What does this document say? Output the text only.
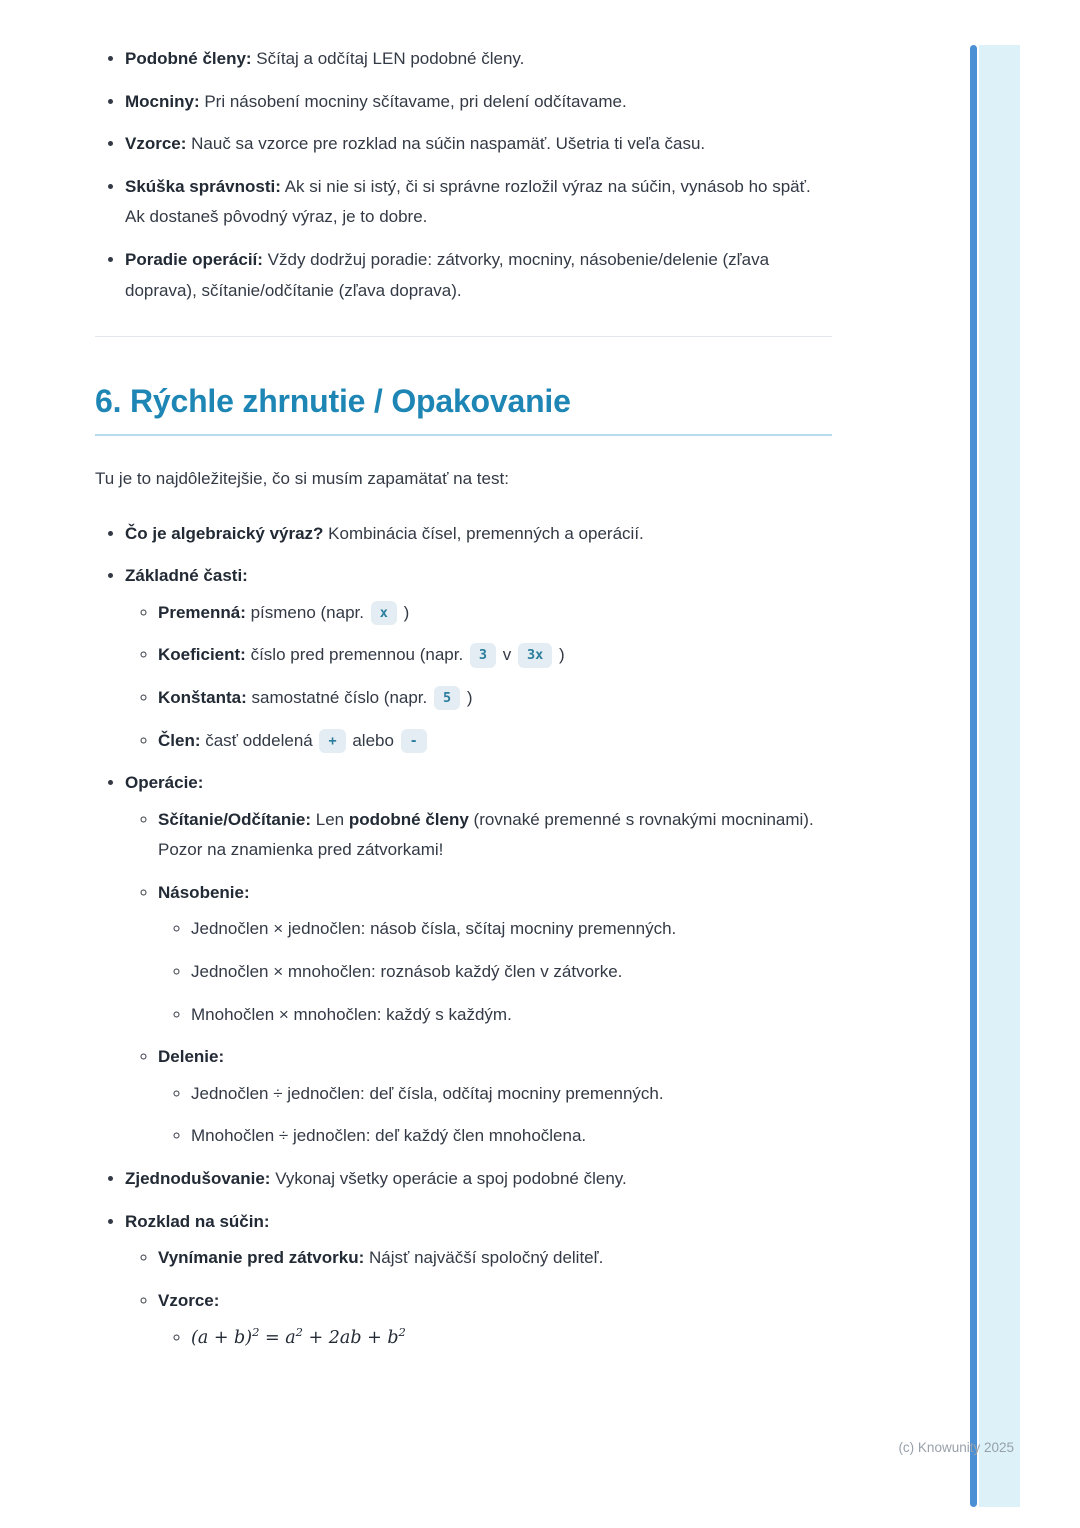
• Podobné členy: Sčítaj a odčítaj LEN podobné členy.
• Mocniny: Pri násobení mocniny sčítavame, pri delení odčítavame.
• Vzorce: Nauč sa vzorce pre rozklad na súčin naspamäť. Ušetria ti veľa času.
• Skúška správnosti: Ak si nie si istý, či si správne rozložil výraz na súčin, vynásob ho späť. Ak dostaneš pôvodný výraz, je to dobre.
• Poradie operácií: Vždy dodržuj poradie: zátvorky, mocniny, násobenie/delenie (zľava doprava), sčítanie/odčítanie (zľava doprava).
6. Rýchle zhrnutie / Opakovanie

Tu je to najdôležitejšie, čo si musím zapamätať na test:

• Čo je algebraický výraz? Kombinácia čísel, premenných a operácií.
• Základné časti:
◦ Premenná: písmeno (napr. x )
◦ Koeficient: číslo pred premennou (napr. 3 v 3x )
◦ Konštanta: samostatné číslo (napr. 5 )
◦ Člen: časť oddelená + alebo -
• Operácie:
◦ Sčítanie/Odčítanie: Len podobné členy (rovnaké premenné s rovnakými mocninami). Pozor na znamienka pred zátvorkami!
◦ Násobenie:
◦ Jednočlen × jednočlen: násob čísla, sčítaj mocniny premenných.
◦ Jednočlen × mnohočlen: roznásob každý člen v zátvorke.
◦ Mnohočlen × mnohočlen: každý s každým.
◦ Delenie:
◦ Jednočlen ÷ jednočlen: deľ čísla, odčítaj mocniny premenných.
◦ Mnohočlen ÷ jednočlen: deľ každý člen mnohočlena.
• Zjednodušovanie: Vykonaj všetky operácie a spoj podobné členy.
• Rozklad na súčin:
◦ Vynímanie pred zátvorku: Nájsť najväčší spoločný deliteľ.
◦ Vzorce:
◦ $(a + b)^2 = a^2 + 2ab + b^2$
(c) Knowunity 2025
